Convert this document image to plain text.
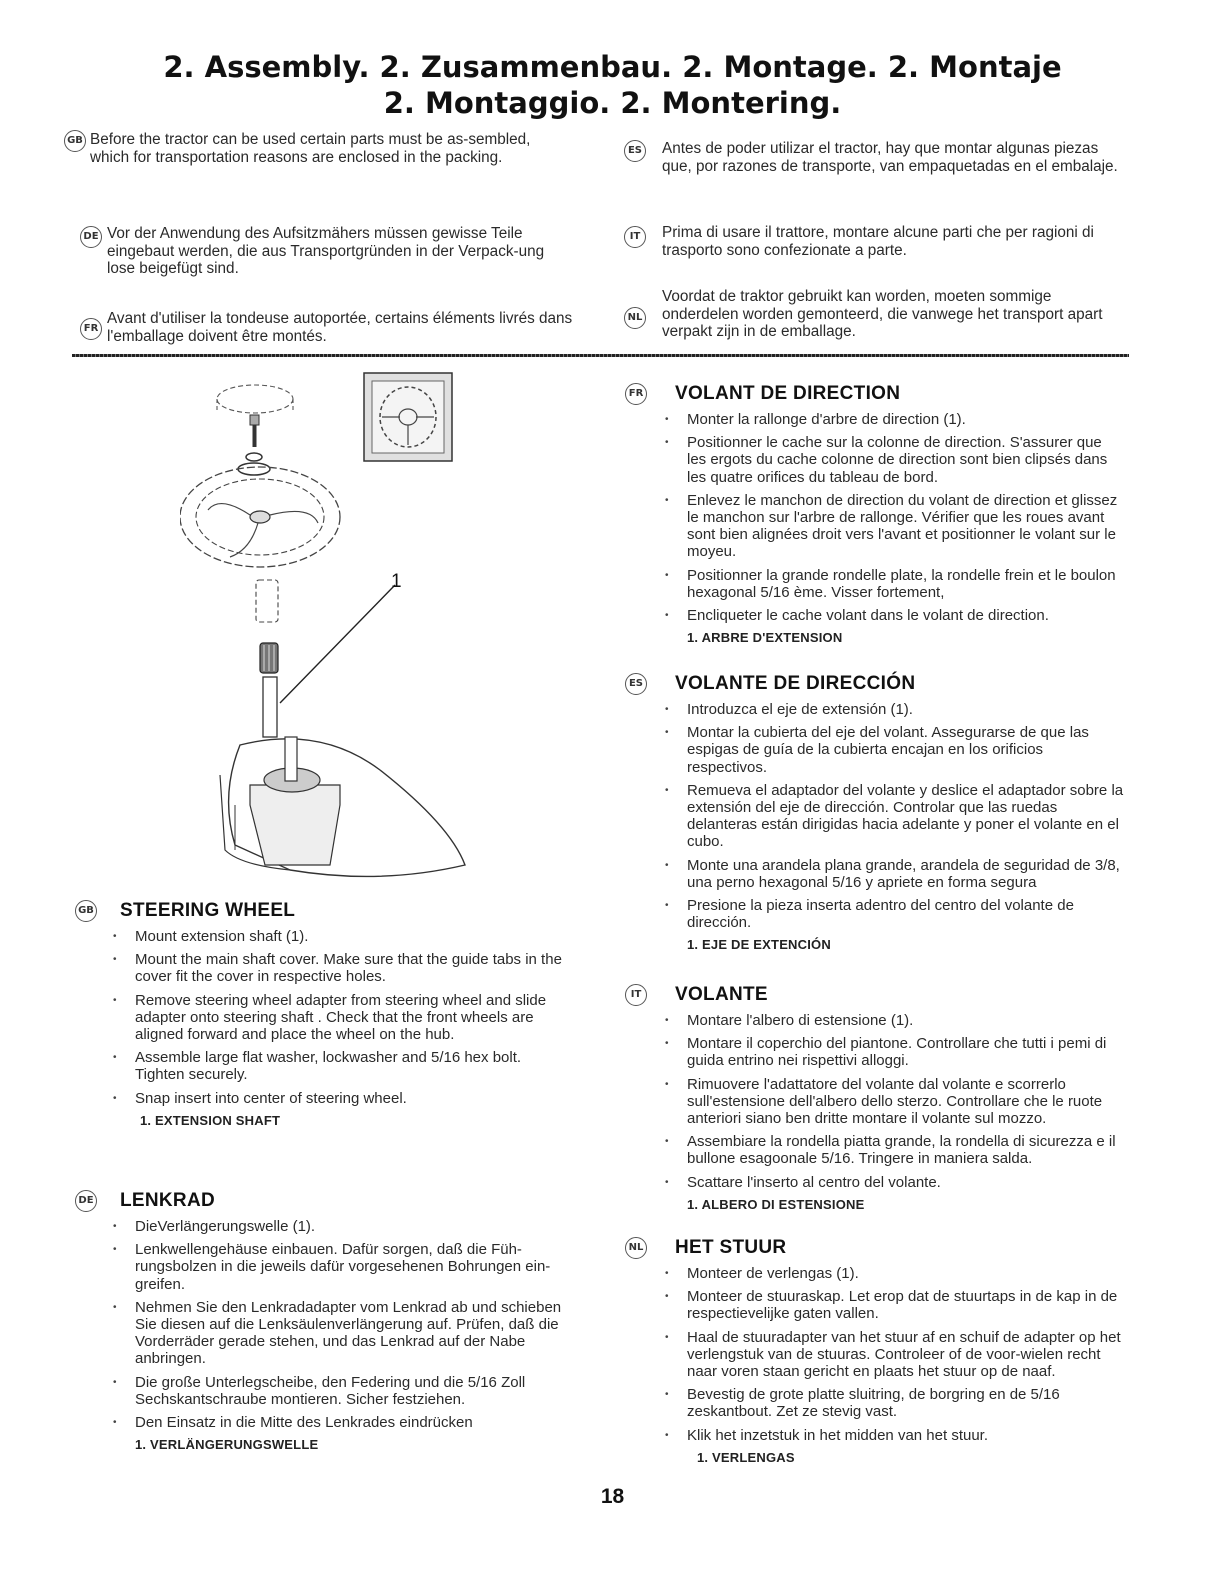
2. Assembly. 2. Zusammenbau. 2. Montage. 2. Montaje
2. Montaggio. 2. Montering.
GB Before the tractor can be used certain parts must be as-sembled, which for transportation reasons are enclosed in the packing.
DE Vor der Anwendung des Aufsitzmähers müssen gewisse Teile eingebaut werden, die aus Transportgründen in der Verpack-ung lose beigefügt sind.
FR
Avant d'utiliser la tondeuse autoportée, certains éléments livrés dans l'emballage doivent être montés.
ES Antes de poder utilizar el tractor, hay que montar algunas piezas que, por razones de transporte, van empaquetadas en el embalaje.
IT	Prima di usare il trattore, montare alcune parti che per ragioni di trasporto sono confezionate a parte.
NL
Voordat de traktor gebruikt kan worden, moeten sommige onderdelen worden gemonteerd, die vanwege het transport apart verpakt zijn in de emballage.
1
GB STEERING WHEEL
• Mount extension shaft (1).
• Mount the main shaft cover. Make sure that the guide tabs in the cover fit the cover in respective holes.
• Remove steering wheel adapter from steering wheel and slide adapter onto steering shaft . Check that the front wheels are aligned forward and place the wheel on the hub.
• Assemble large flat washer, lockwasher and 5/16 hex bolt. Tighten securely.
• Snap insert into center of steering wheel.
1. EXTENSION SHAFT
DE LENKRAD
• DieVerlängerungswelle (1).
• Lenkwellengehäuse einbauen. Dafür sorgen, daß die Füh-rungsbolzen in die jeweils dafür vorgesehenen Bohrungen ein- greifen.
• Nehmen Sie den Lenkradadapter vom Lenkrad ab und schieben Sie diesen auf die Lenksäulenverlängerung auf. Prüfen, daß die Vorderräder gerade stehen, und das Lenkrad auf der Nabe anbringen.
• Die große Unterlegscheibe, den Federing und die 5/16 Zoll Sechskantschraube montieren. Sicher festziehen.
• Den Einsatz in die Mitte des Lenkrades eindrücken
1. VERLÄNGERUNGSWELLE
FR VOLANT DE DIRECTION
• Monter la rallonge d'arbre de direction (1).
• Positionner le cache sur la colonne de direction. S'assurer que les ergots du cache colonne de direction sont bien clipsés dans les quatre orifices du tableau de bord.
• Enlevez le manchon de direction du volant de direction et glissez le manchon sur l'arbre de rallonge. Vérifier que les roues avant sont bien alignées droit vers l'avant et positionner le volant sur le moyeu.
• Positionner la grande rondelle plate, la rondelle frein et le boulon hexagonal 5/16 ème. Visser fortement,
• Encliqueter le cache volant dans le volant de direction.
1. ARBRE D'EXTENSION
ES VOLANTE DE DIRECCIÓN
• Introduzca el eje de extensión (1).
• Montar la cubierta del eje del volant. Assegurarse de que las espigas de guía de la cubierta encajan en los orificios respectivos.
• Remueva el adaptador del volante y deslice el adaptador sobre la extensión del eje de dirección. Controlar que las ruedas delanteras están dirigidas hacia adelante y poner el volante en el cubo.
• Monte una arandela plana grande, arandela de seguridad de 3/8, una perno hexagonal 5/16 y apriete en forma segura
• Presione la pieza inserta adentro del centro del volante de dirección.
1. EJE DE EXTENCIÓN
IT	VOLANTE
• Montare l'albero di estensione (1).
• Montare il coperchio del piantone. Controllare che tutti i pemi di guida entrino nei rispettivi alloggi.
• Rimuovere l'adattatore del volante dal volante e scorrerlo sull'estensione dell'albero dello sterzo. Controllare che le ruote anteriori siano ben dritte montare il volante sul mozzo.
• Assembiare la rondella piatta grande, la rondella di sicurezza e il bullone esagoonale 5/16. Tringere in maniera salda.
• Scattare l'inserto al centro del volante.
1. ALBERO DI ESTENSIONE
NL HET STUUR
• Monteer de verlengas (1).
• Monteer de stuuraskap. Let erop dat de stuurtaps in de kap in de respectievelijke gaten vallen.
• Haal de stuuradapter van het stuur af en schuif de adapter op het verlengstuk van de stuuras. Controleer of de voor-wielen recht naar voren staan gericht en plaats het stuur op de naaf.
• Bevestig de grote platte sluitring, de borgring en de 5/16 zeskantbout. Zet ze stevig vast.
• Klik het inzetstuk in het midden van het stuur.
1. VERLENGAS
18
